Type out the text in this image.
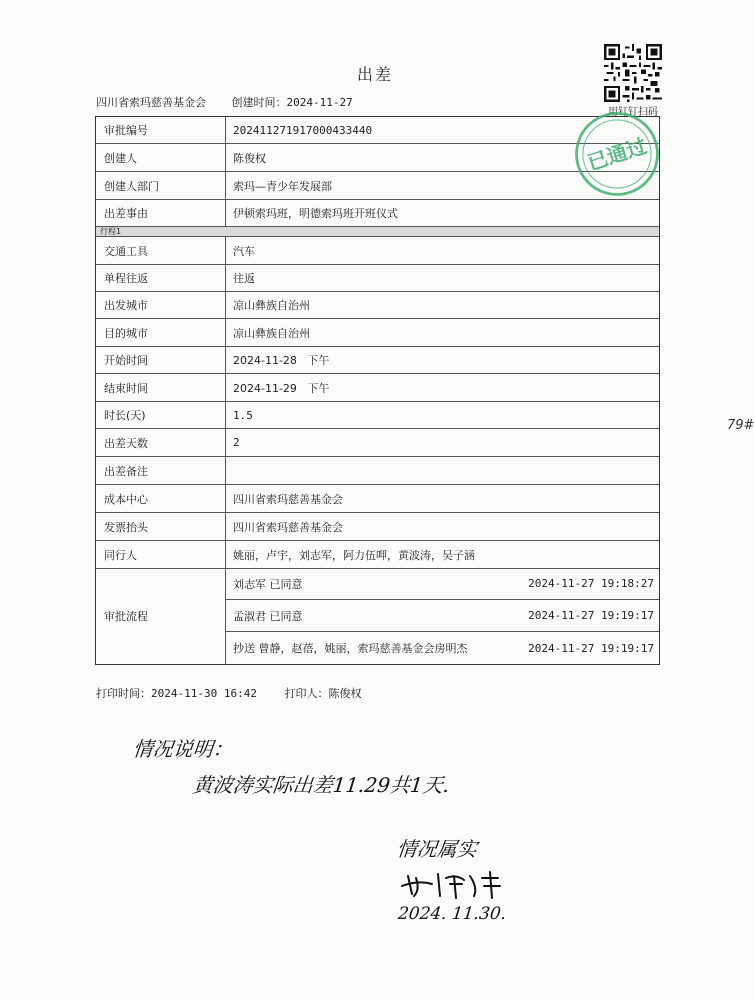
出差
四川省索玛慈善基金会 创建时间：2024-11-27
用钉钉扫码
审批编号	202411271917000433440
创建人	陈俊权
创建人部门	索玛—青少年发展部
出差事由	伊顿索玛班，明德索玛班开班仪式
行程1
交通工具	汽车
单程往返	往返
出发城市	凉山彝族自治州
目的城市	凉山彝族自治州
开始时间	2024-11-28   下午
结束时间	2024-11-29   下午
时长(天)	1.5
出差天数	2
出差备注
成本中心	四川省索玛慈善基金会
发票抬头	四川省索玛慈善基金会
同行人	姚丽，卢宇，刘志军，阿力伍呷，黄波涛，吴子涵
审批流程
刘志军 已同意	2024-11-27 19:18:27
孟淑君 已同意	2024-11-27 19:19:17
抄送 曾静，赵蓓，姚丽，索玛慈善基金会房明杰	2024-11-27 19:19:17
已通过
打印时间：2024-11-30 16:42	打印人：陈俊权
79#
情况说明：
黄波涛实际出差11.29共1天.
情况属实
2024. 11.30.
